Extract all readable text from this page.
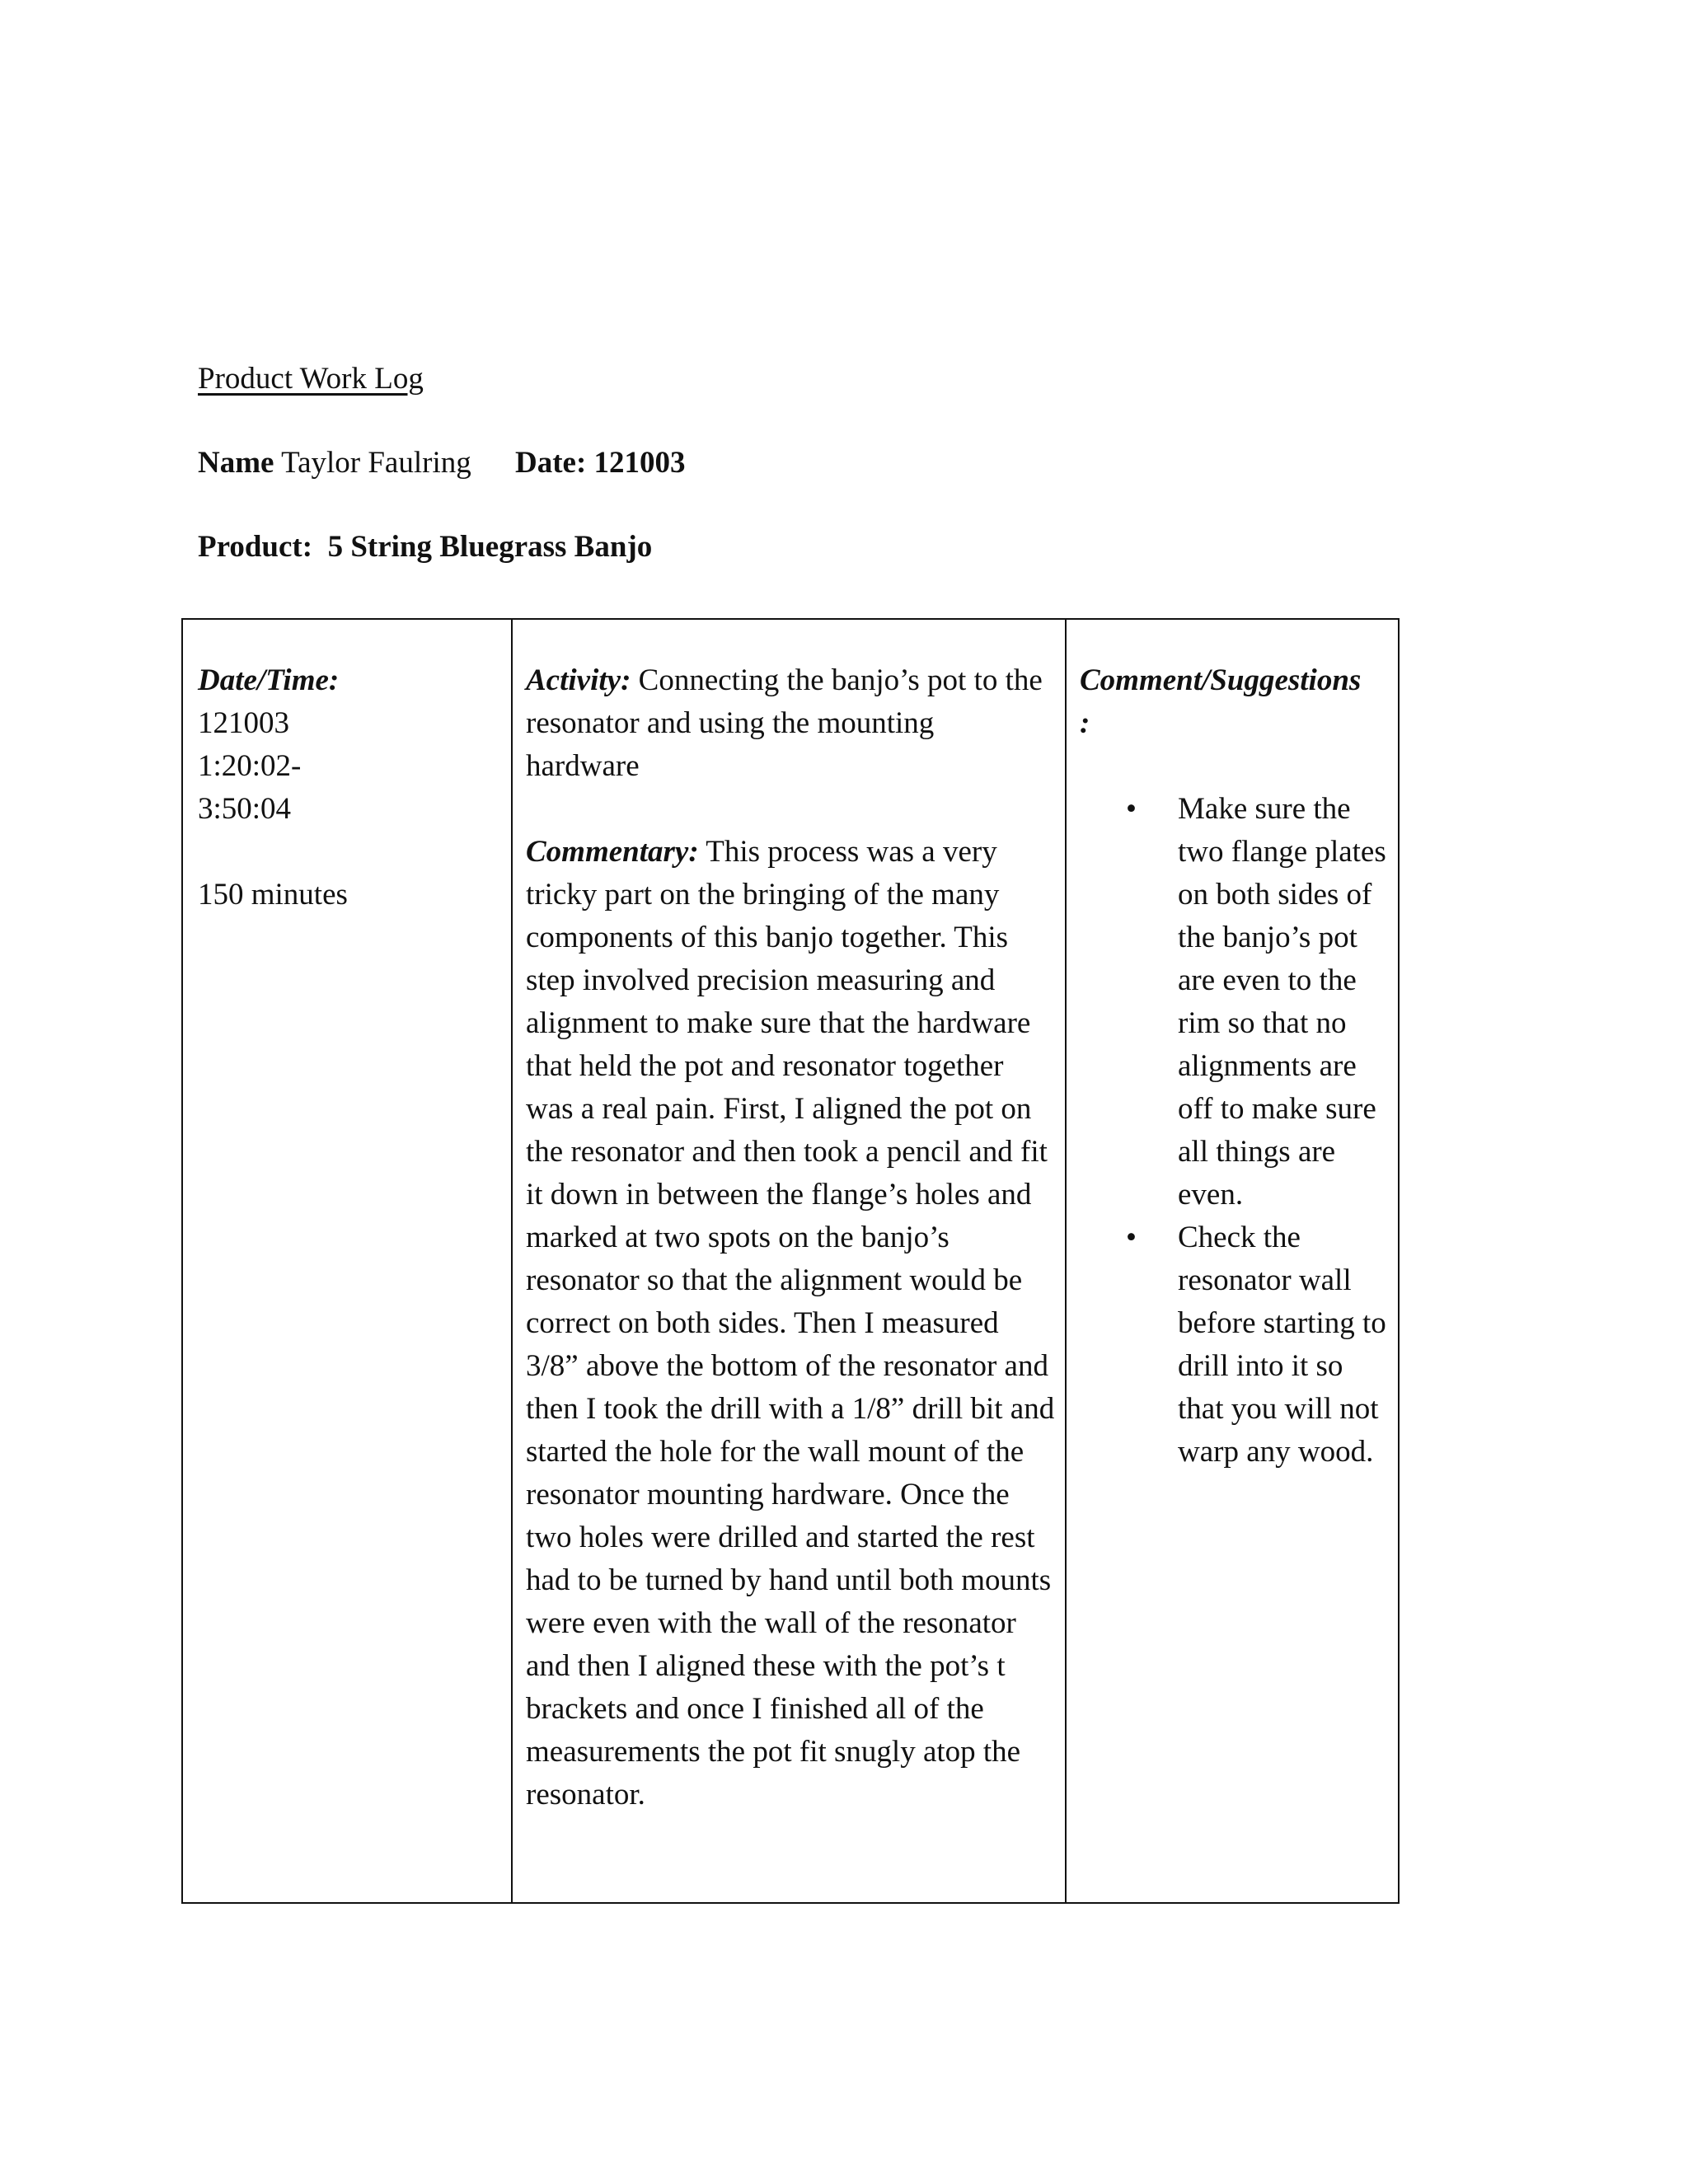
Product Work Log
Name Taylor Faulring Date: 121003
Product: 5 String Bluegrass Banjo
Date/Time:
121003
1:20:02-
3:50:04
150 minutes
Activity: Connecting the banjo’s pot to the resonator and using the mounting hardware
Commentary: This process was a very tricky part on the bringing of the many components of this banjo together. This step involved precision measuring and alignment to make sure that the hardware that held the pot and resonator together was a real pain. First, I aligned the pot on the resonator and then took a pencil and fit it down in between the flange’s holes and marked at two spots on the banjo’s resonator so that the alignment would be correct on both sides. Then I measured 3/8” above the bottom of the resonator and then I took the drill with a 1/8” drill bit and started the hole for the wall mount of the resonator mounting hardware. Once the two holes were drilled and started the rest had to be turned by hand until both mounts were even with the wall of the resonator and then I aligned these with the pot’s t brackets and once I finished all of the measurements the pot fit snugly atop the resonator.
Comment/Suggestions :
• Make sure the two flange plates on both sides of the banjo’s pot are even to the rim so that no alignments are off to make sure all things are even.
• Check the resonator wall before starting to drill into it so that you will not warp any wood.
